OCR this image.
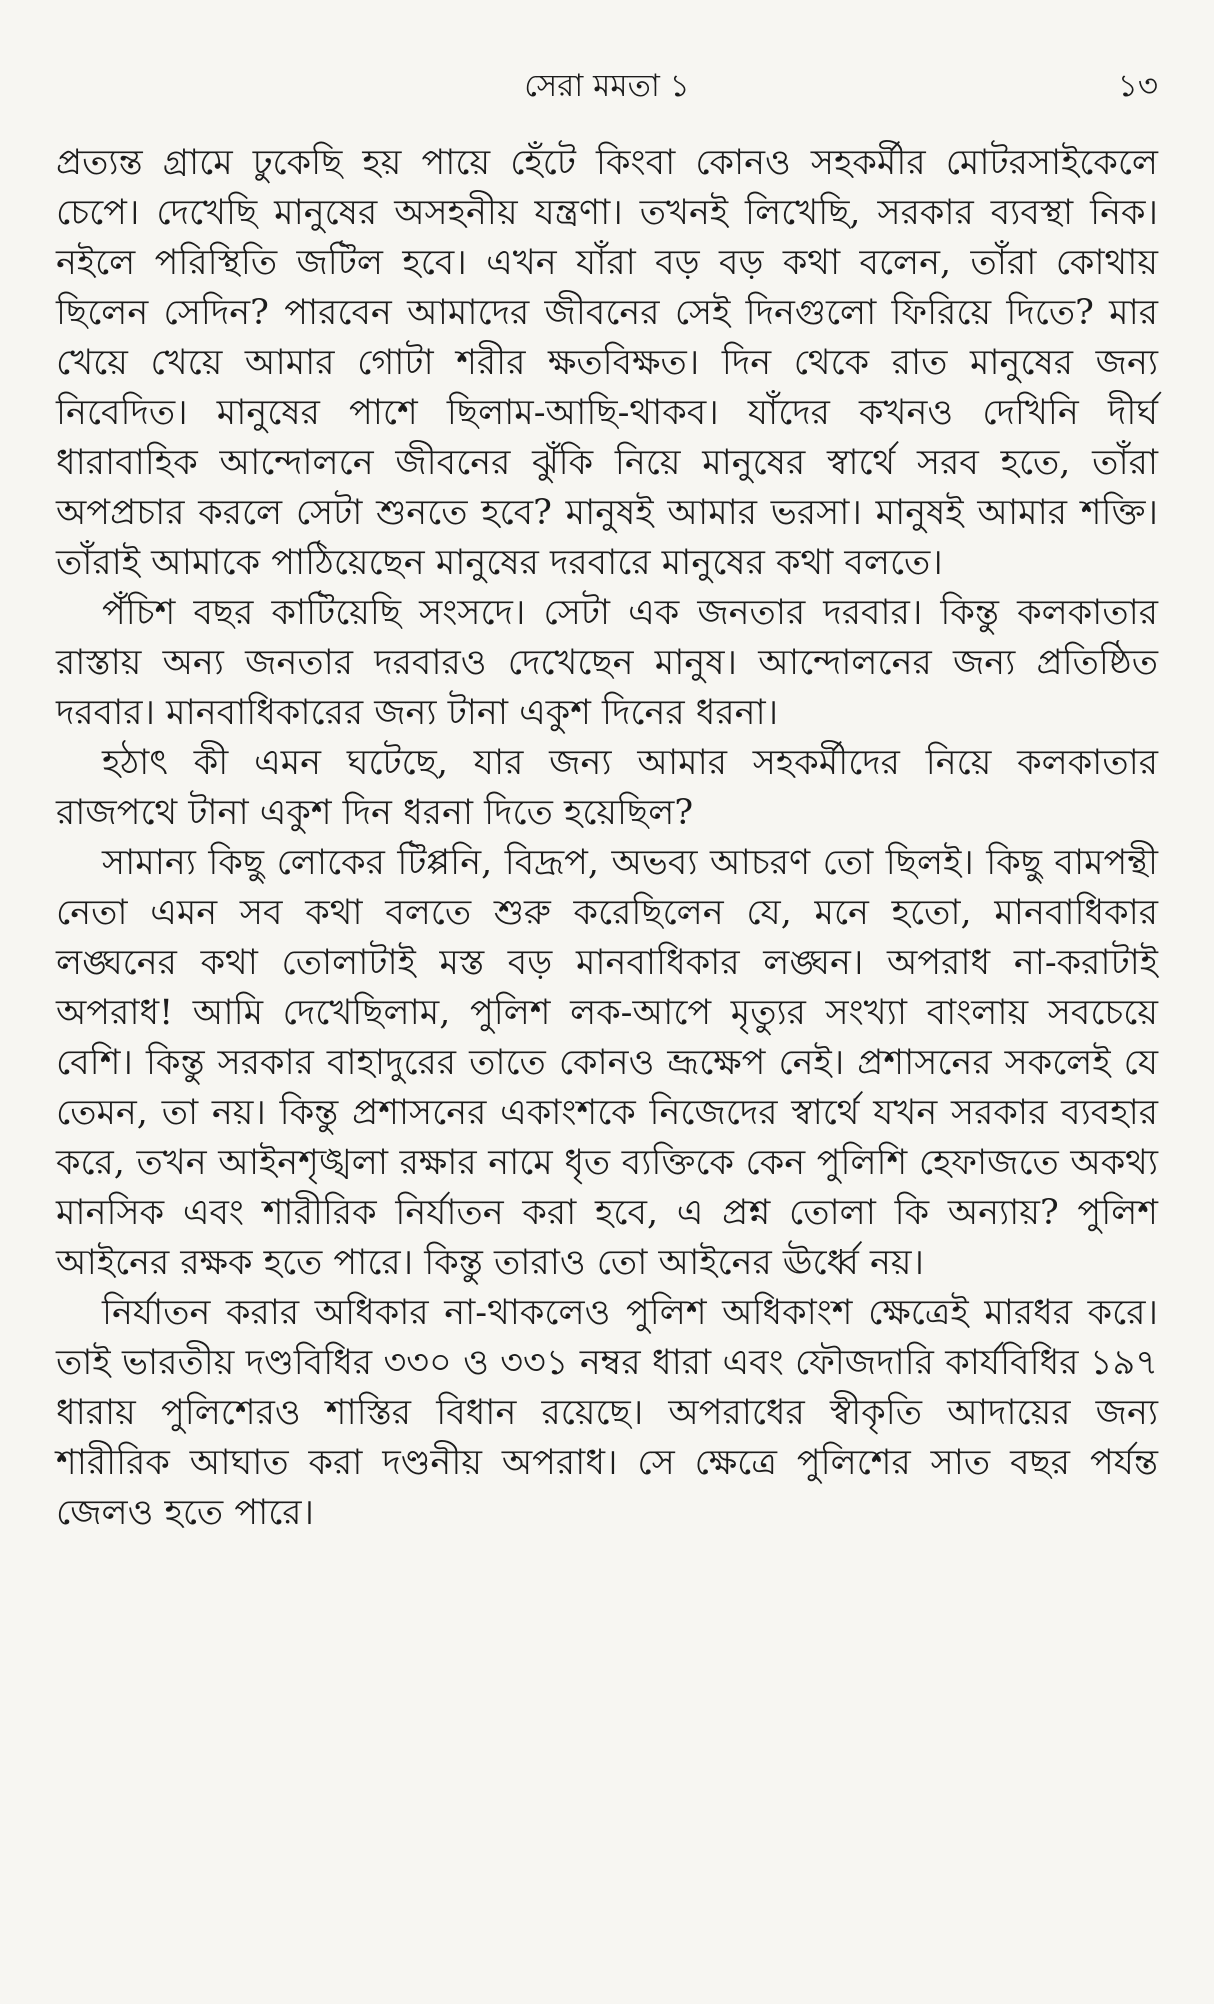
সেরা মমতা ১	১৩

প্রত্যন্ত গ্রামে ঢুকেছি হয় পায়ে হেঁটে কিংবা কোনও সহকর্মীর মোটরসাইকেলে চেপে। দেখেছি মানুষের অসহনীয় যন্ত্রণা। তখনই লিখেছি, সরকার ব্যবস্থা নিক। নইলে পরিস্থিতি জটিল হবে। এখন যাঁরা বড় বড় কথা বলেন, তাঁরা কোথায় ছিলেন সেদিন? পারবেন আমাদের জীবনের সেই দিনগুলো ফিরিয়ে দিতে? মার খেয়ে খেয়ে আমার গোটা শরীর ক্ষতবিক্ষত। দিন থেকে রাত মানুষের জন্য নিবেদিত। মানুষের পাশে ছিলাম-আছি-থাকব। যাঁদের কখনও দেখিনি দীর্ঘ ধারাবাহিক আন্দোলনে জীবনের ঝুঁকি নিয়ে মানুষের স্বার্থে সরব হতে, তাঁরা অপপ্রচার করলে সেটা শুনতে হবে? মানুষই আমার ভরসা। মানুষই আমার শক্তি। তাঁরাই আমাকে পাঠিয়েছেন মানুষের দরবারে মানুষের কথা বলতে।

পঁচিশ বছর কাটিয়েছি সংসদে। সেটা এক জনতার দরবার। কিন্তু কলকাতার রাস্তায় অন্য জনতার দরবারও দেখেছেন মানুষ। আন্দোলনের জন্য প্রতিষ্ঠিত দরবার। মানবাধিকারের জন্য টানা একুশ দিনের ধরনা।

হঠাৎ কী এমন ঘটেছে, যার জন্য আমার সহকর্মীদের নিয়ে কলকাতার রাজপথে টানা একুশ দিন ধরনা দিতে হয়েছিল?

সামান্য কিছু লোকের টিপ্পনি, বিদ্রূপ, অভব্য আচরণ তো ছিলই। কিছু বামপন্থী নেতা এমন সব কথা বলতে শুরু করেছিলেন যে, মনে হতো, মানবাধিকার লঙ্ঘনের কথা তোলাটাই মস্ত বড় মানবাধিকার লঙ্ঘন। অপরাধ না-করাটাই অপরাধ! আমি দেখেছিলাম, পুলিশ লক-আপে মৃত্যুর সংখ্যা বাংলায় সবচেয়ে বেশি। কিন্তু সরকার বাহাদুরের তাতে কোনও ভ্রূক্ষেপ নেই। প্রশাসনের সকলেই যে তেমন, তা নয়। কিন্তু প্রশাসনের একাংশকে নিজেদের স্বার্থে যখন সরকার ব্যবহার করে, তখন আইনশৃঙ্খলা রক্ষার নামে ধৃত ব্যক্তিকে কেন পুলিশি হেফাজতে অকথ্য মানসিক এবং শারীরিক নির্যাতন করা হবে, এ প্রশ্ন তোলা কি অন্যায়? পুলিশ আইনের রক্ষক হতে পারে। কিন্তু তারাও তো আইনের ঊর্ধ্বে নয়।

নির্যাতন করার অধিকার না-থাকলেও পুলিশ অধিকাংশ ক্ষেত্রেই মারধর করে। তাই ভারতীয় দণ্ডবিধির ৩৩০ ও ৩৩১ নম্বর ধারা এবং ফৌজদারি কার্যবিধির ১৯৭ ধারায় পুলিশেরও শাস্তির বিধান রয়েছে। অপরাধের স্বীকৃতি আদায়ের জন্য শারীরিক আঘাত করা দণ্ডনীয় অপরাধ। সে ক্ষেত্রে পুলিশের সাত বছর পর্যন্ত জেলও হতে পারে।
